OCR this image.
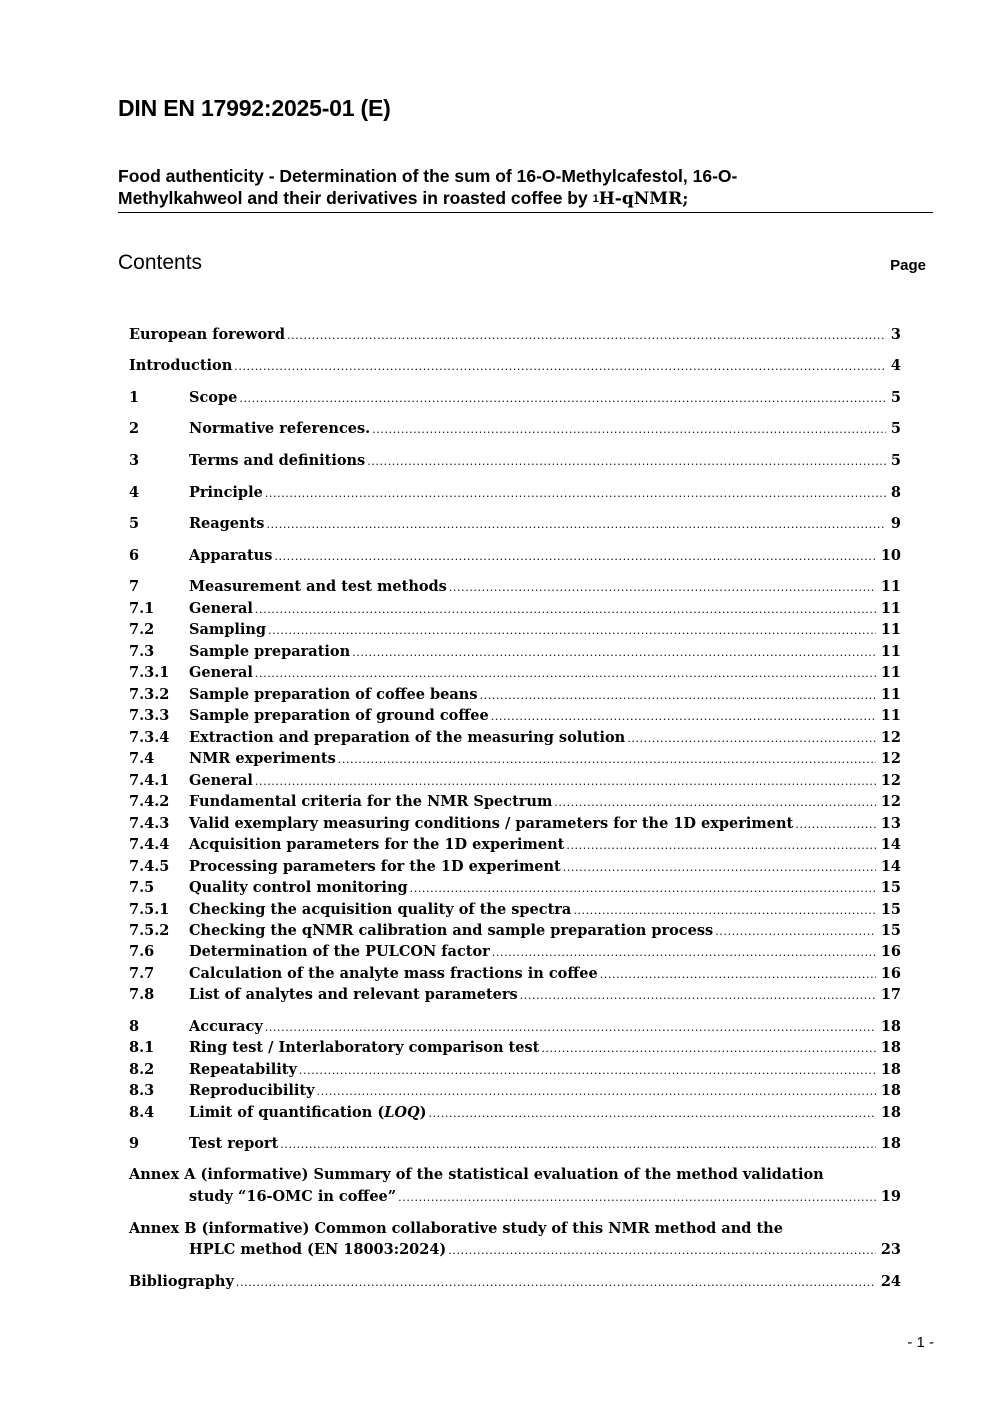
DIN EN 17992:2025-01 (E)
Food authenticity - Determination of the sum of 16-O-Methylcafestol, 16-O-
Methylkahweol and their derivatives in roasted coffee by $^1$H-qNMR;
Contents	Page
European foreword .....	3
Introduction .....	4
1	Scope .....	5
2	Normative references. .....	5
3	Terms and definitions .....	5
4	Principle .....	8
5	Reagents .....	9
6	Apparatus .....	10
7	Measurement and test methods .....	11
7.1	General .....	11
7.2	Sampling .....	11
7.3	Sample preparation .....	11
7.3.1	General .....	11
7.3.2	Sample preparation of coffee beans .....	11
7.3.3	Sample preparation of ground coffee .....	11
7.3.4	Extraction and preparation of the measuring solution .....	12
7.4	NMR experiments .....	12
7.4.1	General .....	12
7.4.2	Fundamental criteria for the NMR Spectrum .....	12
7.4.3	Valid exemplary measuring conditions / parameters for the 1D experiment .....	13
7.4.4	Acquisition parameters for the 1D experiment .....	14
7.4.5	Processing parameters for the 1D experiment .....	14
7.5	Quality control monitoring .....	15
7.5.1	Checking the acquisition quality of the spectra .....	15
7.5.2	Checking the qNMR calibration and sample preparation process .....	15
7.6	Determination of the PULCON factor .....	16
7.7	Calculation of the analyte mass fractions in coffee .....	16
7.8	List of analytes and relevant parameters .....	17
8	Accuracy .....	18
8.1	Ring test / Interlaboratory comparison test .....	18
8.2	Repeatability .....	18
8.3	Reproducibility .....	18
8.4	Limit of quantification (LOQ) .....	18
9	Test report .....	18
Annex A (informative) Summary of the statistical evaluation of the method validation
study “16-OMC in coffee” .....	19
Annex B (informative) Common collaborative study of this NMR method and the
HPLC method (EN 18003:2024) .....	23
Bibliography .....	24
- 1 -
